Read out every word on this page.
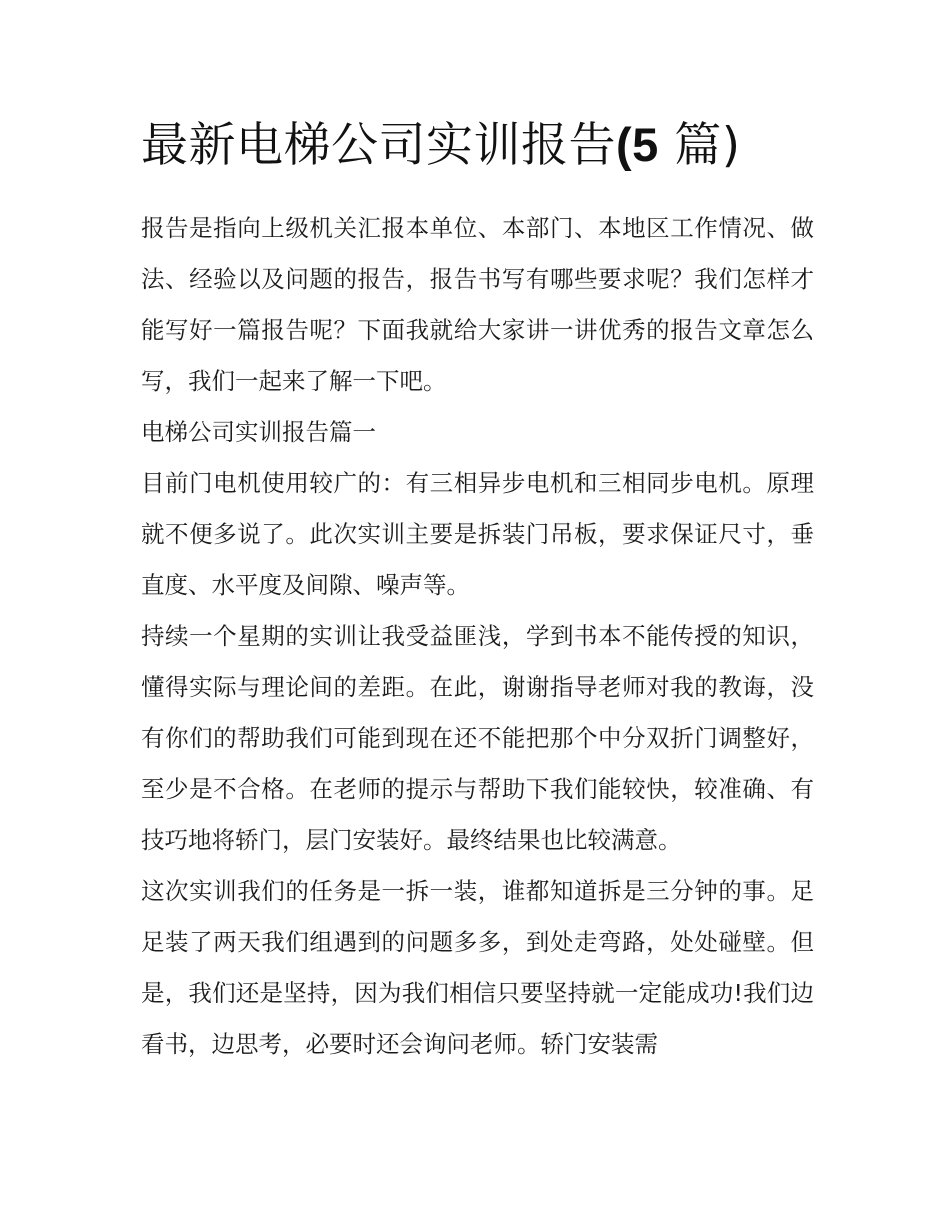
最新电梯公司实训报告(5 篇)

报告是指向上级机关汇报本单位、本部门、本地区工作情况、做法、经验以及问题的报告，报告书写有哪些要求呢？我们怎样才能写好一篇报告呢？下面我就给大家讲一讲优秀的报告文章怎么写，我们一起来了解一下吧。

电梯公司实训报告篇一

目前门电机使用较广的：有三相异步电机和三相同步电机。原理就不便多说了。此次实训主要是拆装门吊板，要求保证尺寸，垂直度、水平度及间隙、噪声等。

持续一个星期的实训让我受益匪浅，学到书本不能传授的知识，懂得实际与理论间的差距。在此，谢谢指导老师对我的教诲，没有你们的帮助我们可能到现在还不能把那个中分双折门调整好，至少是不合格。在老师的提示与帮助下我们能较快，较准确、有技巧地将轿门，层门安装好。最终结果也比较满意。

这次实训我们的任务是一拆一装，谁都知道拆是三分钟的事。足足装了两天我们组遇到的问题多多，到处走弯路，处处碰壁。但是，我们还是坚持，因为我们相信只要坚持就一定能成功!我们边看书，边思考，必要时还会询问老师。轿门安装需
